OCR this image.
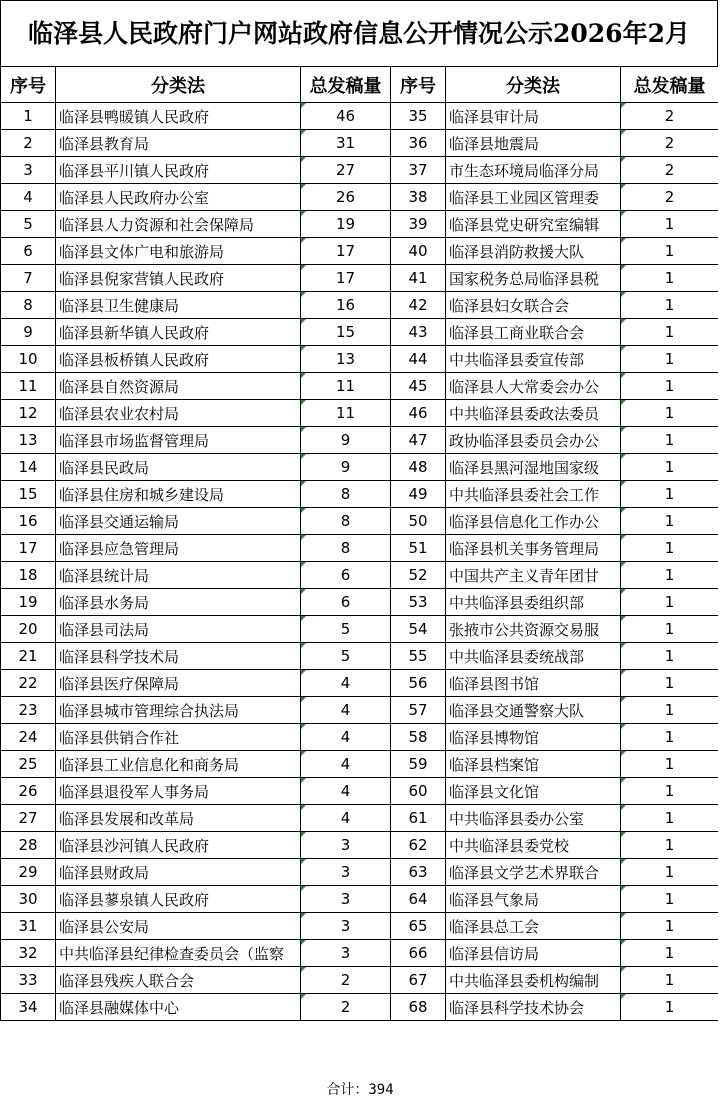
临泽县人民政府门户网站政府信息公开情况公示2026年2月
序号	分类法	总发稿量	序号	分类法	总发稿量
1	临泽县鸭暖镇人民政府	46	35	临泽县审计局	2
2	临泽县教育局	31	36	临泽县地震局	2
3	临泽县平川镇人民政府	27	37	市生态环境局临泽分局	2
4	临泽县人民政府办公室	26	38	临泽县工业园区管理委	2
5	临泽县人力资源和社会保障局	19	39	临泽县党史研究室编辑	1
6	临泽县文体广电和旅游局	17	40	临泽县消防救援大队	1
7	临泽县倪家营镇人民政府	17	41	国家税务总局临泽县税	1
8	临泽县卫生健康局	16	42	临泽县妇女联合会	1
9	临泽县新华镇人民政府	15	43	临泽县工商业联合会	1
10	临泽县板桥镇人民政府	13	44	中共临泽县委宣传部	1
11	临泽县自然资源局	11	45	临泽县人大常委会办公	1
12	临泽县农业农村局	11	46	中共临泽县委政法委员	1
13	临泽县市场监督管理局	9	47	政协临泽县委员会办公	1
14	临泽县民政局	9	48	临泽县黑河湿地国家级	1
15	临泽县住房和城乡建设局	8	49	中共临泽县委社会工作	1
16	临泽县交通运输局	8	50	临泽县信息化工作办公	1
17	临泽县应急管理局	8	51	临泽县机关事务管理局	1
18	临泽县统计局	6	52	中国共产主义青年团甘	1
19	临泽县水务局	6	53	中共临泽县委组织部	1
20	临泽县司法局	5	54	张掖市公共资源交易服	1
21	临泽县科学技术局	5	55	中共临泽县委统战部	1
22	临泽县医疗保障局	4	56	临泽县图书馆	1
23	临泽县城市管理综合执法局	4	57	临泽县交通警察大队	1
24	临泽县供销合作社	4	58	临泽县博物馆	1
25	临泽县工业信息化和商务局	4	59	临泽县档案馆	1
26	临泽县退役军人事务局	4	60	临泽县文化馆	1
27	临泽县发展和改革局	4	61	中共临泽县委办公室	1
28	临泽县沙河镇人民政府	3	62	中共临泽县委党校	1
29	临泽县财政局	3	63	临泽县文学艺术界联合	1
30	临泽县蓼泉镇人民政府	3	64	临泽县气象局	1
31	临泽县公安局	3	65	临泽县总工会	1
32	中共临泽县纪律检查委员会（监察	3	66	临泽县信访局	1
33	临泽县残疾人联合会	2	67	中共临泽县委机构编制	1
34	临泽县融媒体中心	2	68	临泽县科学技术协会	1
合计：394
